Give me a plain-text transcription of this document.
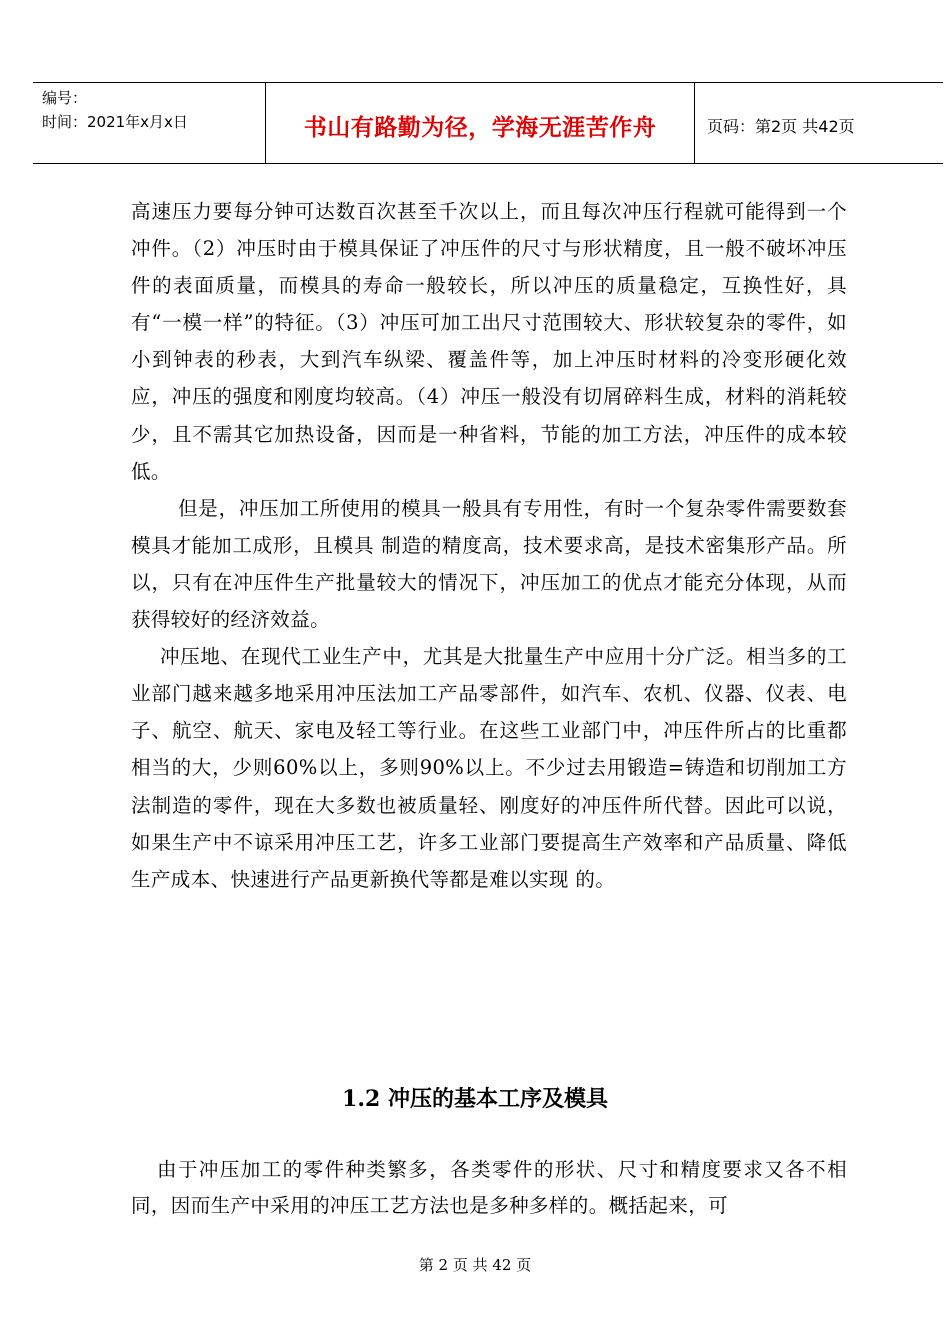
编号：
时间：2021年x月x日	书山有路勤为径，学海无涯苦作舟	页码：第2页 共42页

高速压力要每分钟可达数百次甚至千次以上，而且每次冲压行程就可能得到一个冲件。（2）冲压时由于模具保证了冲压件的尺寸与形状精度，且一般不破坏冲压件的表面质量，而模具的寿命一般较长，所以冲压的质量稳定，互换性好，具有“一模一样”的特征。（3）冲压可加工出尺寸范围较大、形状较复杂的零件，如小到钟表的秒表，大到汽车纵梁、覆盖件等，加上冲压时材料的冷变形硬化效应，冲压的强度和刚度均较高。（4）冲压一般没有切屑碎料生成，材料的消耗较少，且不需其它加热设备，因而是一种省料，节能的加工方法，冲压件的成本较低。

但是，冲压加工所使用的模具一般具有专用性，有时一个复杂零件需要数套模具才能加工成形，且模具 制造的精度高，技术要求高，是技术密集形产品。所以，只有在冲压件生产批量较大的情况下，冲压加工的优点才能充分体现，从而获得较好的经济效益。

冲压地、在现代工业生产中，尤其是大批量生产中应用十分广泛。相当多的工业部门越来越多地采用冲压法加工产品零部件，如汽车、农机、仪器、仪表、电子、航空、航天、家电及轻工等行业。在这些工业部门中，冲压件所占的比重都相当的大，少则60%以上，多则90%以上。不少过去用锻造=铸造和切削加工方法制造的零件，现在大多数也被质量轻、刚度好的冲压件所代替。因此可以说，如果生产中不谅采用冲压工艺，许多工业部门要提高生产效率和产品质量、降低生产成本、快速进行产品更新换代等都是难以实现 的。

1.2 冲压的基本工序及模具

由于冲压加工的零件种类繁多，各类零件的形状、尺寸和精度要求又各不相同，因而生产中采用的冲压工艺方法也是多种多样的。概括起来，可

第 2 页 共 42 页
